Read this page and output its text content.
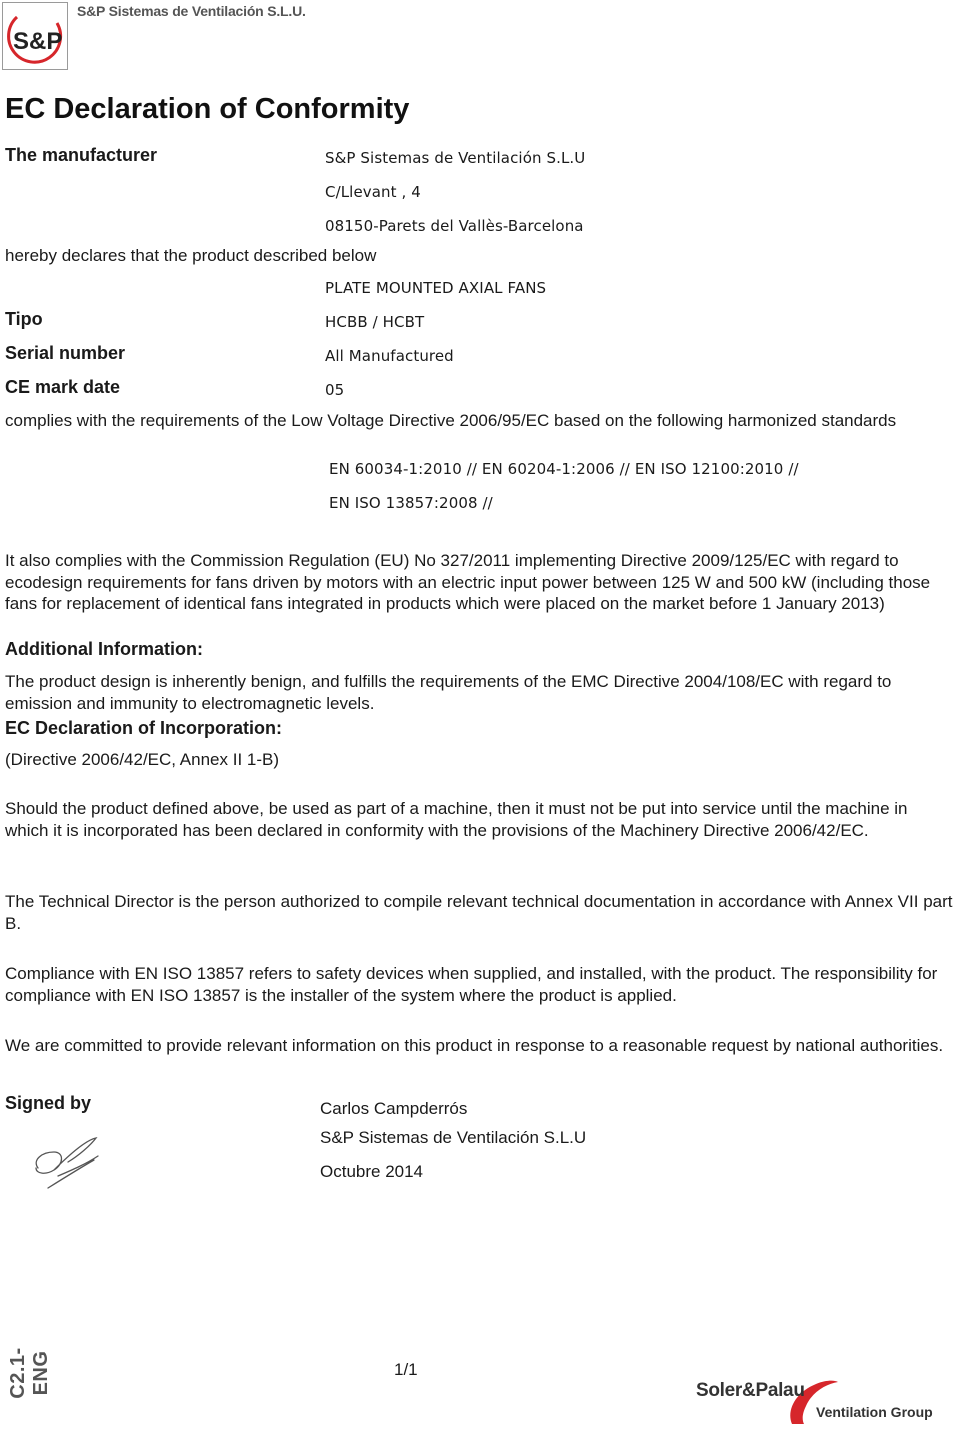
S&P
S&P Sistemas de Ventilación S.L.U.
EC Declaration of Conformity
The manufacturer	S&P Sistemas de Ventilación S.L.U
C/Llevant , 4
08150-Parets del Vallès-Barcelona
hereby declares that the product described below
PLATE MOUNTED AXIAL FANS
Tipo	HCBB / HCBT
Serial number	All Manufactured
CE mark date	05

complies with the requirements of the Low Voltage Directive 2006/95/EC based on the following harmonized standards

EN 60034-1:2010 // EN 60204-1:2006 // EN ISO 12100:2010 //
EN ISO 13857:2008 //

It also complies with the Commission Regulation (EU) No 327/2011 implementing Directive 2009/125/EC with regard to ecodesign requirements for fans driven by motors with an electric input power between 125 W and 500 kW (including those fans for replacement of identical fans integrated in products which were placed on the market before 1 January 2013)

Additional Information:

The product design is inherently benign, and fulfills the requirements of the EMC Directive 2004/108/EC with regard to emission and immunity to electromagnetic levels.

EC Declaration of Incorporation:
(Directive 2006/42/EC, Annex II 1-B)

Should the product defined above, be used as part of a machine, then it must not be put into service until the machine in which it is incorporated has been declared in conformity with the provisions of the Machinery Directive 2006/42/EC.

The Technical Director is the person authorized to compile relevant technical documentation in accordance with Annex VII part B.

Compliance with EN ISO 13857 refers to safety devices when supplied, and installed, with the product. The responsibility for compliance with EN ISO 13857 is the installer of the system where the product is applied.

We are committed to provide relevant information on this product in response to a reasonable request by national authorities.

Signed by	Carlos Campderrós
S&P Sistemas de Ventilación S.L.U
Octubre 2014
C2.1-ENG	1/1
Soler&Palau
Ventilation Group
